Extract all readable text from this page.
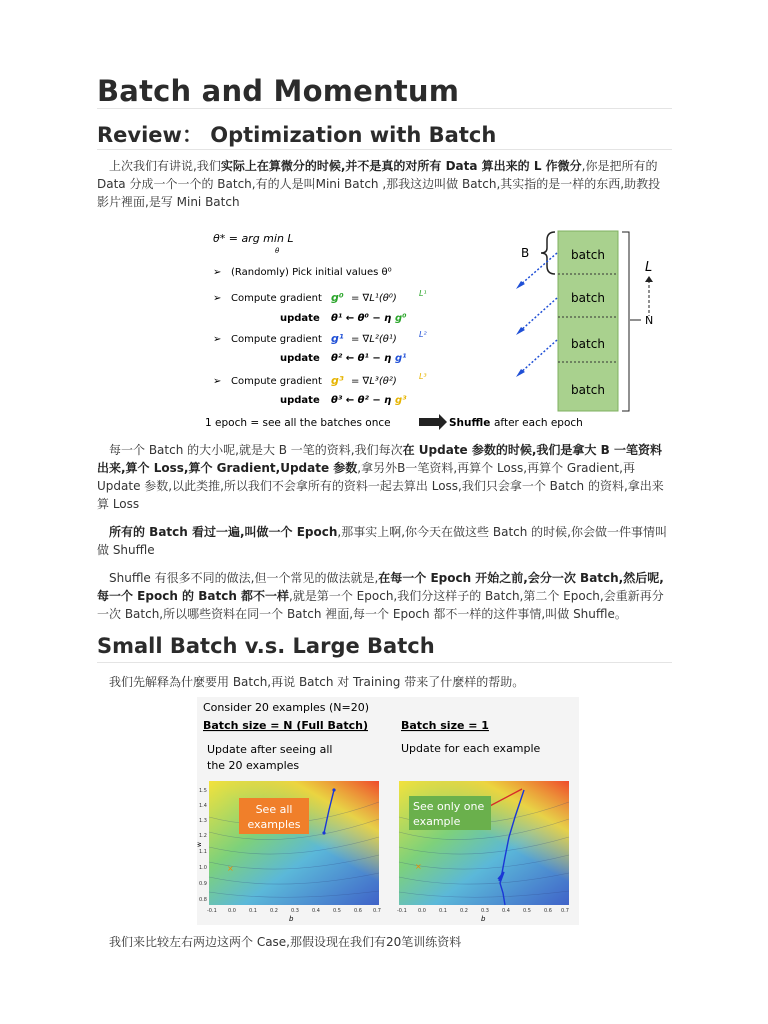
Batch and Momentum
Review： Optimization with Batch

上次我们有讲说,我们实际上在算微分的时候,并不是真的对所有 Data 算出来的 L 作微分,你是把所有的 Data 分成一个一个的 Batch,有的人是叫Mini Batch ,那我这边叫做 Batch,其实指的是一样的东西,助教投影片裡面,是写 Mini Batch

θ* = arg min L
θ
➢ (Randomly) Pick initial values θ⁰
➢ Compute gradient g⁰ = ∇L¹(θ⁰)	L¹
update θ¹ ← θ⁰ − η g⁰
➢ Compute gradient g¹ = ∇L²(θ¹)	L²
update θ² ← θ¹ − η g¹
➢ Compute gradient g³ = ∇L³(θ²)	L³
update θ³ ← θ² − η g³
batch
batch
batch
batch
B
L
N
1 epoch = see all the batches once	Shuffle after each epoch

每一个 Batch 的大小呢,就是大 B 一笔的资料,我们每次在 Update 参数的时候,我们是拿大 B 一笔资料出来,算个 Loss,算个 Gradient,Update 参数,拿另外B一笔资料,再算个 Loss,再算个 Gradient,再 Update 参数,以此类推,所以我们不会拿所有的资料一起去算出 Loss,我们只会拿一个 Batch 的资料,拿出来算 Loss

所有的 Batch 看过一遍,叫做一个 Epoch,那事实上啊,你今天在做这些 Batch 的时候,你会做一件事情叫做 Shuffle

Shuffle 有很多不同的做法,但一个常见的做法就是,在每一个 Epoch 开始之前,会分一次 Batch,然后呢,每一个 Epoch 的 Batch 都不一样,就是第一个 Epoch,我们分这样子的 Batch,第二个 Epoch,会重新再分一次 Batch,所以哪些资料在同一个 Batch 裡面,每一个 Epoch 都不一样的这件事情,叫做 Shuffle。

Small Batch v.s. Large Batch

我们先解释為什麼要用 Batch,再说 Batch 对 Training 带来了什麼样的帮助。

Consider 20 examples (N=20)
Batch size = N (Full Batch)
Update after seeing all
the 20 examples
Batch size = 1
Update for each example
w
b
1.5
1.4
1.3
1.2
1.1
1.0
0.9
0.8
-0.1 0.0	0.1	0.2	0.3	0.4	0.5	0.6 0.7
×
See all
examples
b
-0.1 0.0	0.1	0.2	0.3	0.4	0.5	0.6 0.7
×
See only one
example

我们来比较左右两边这两个 Case,那假设现在我们有20笔训练资料
